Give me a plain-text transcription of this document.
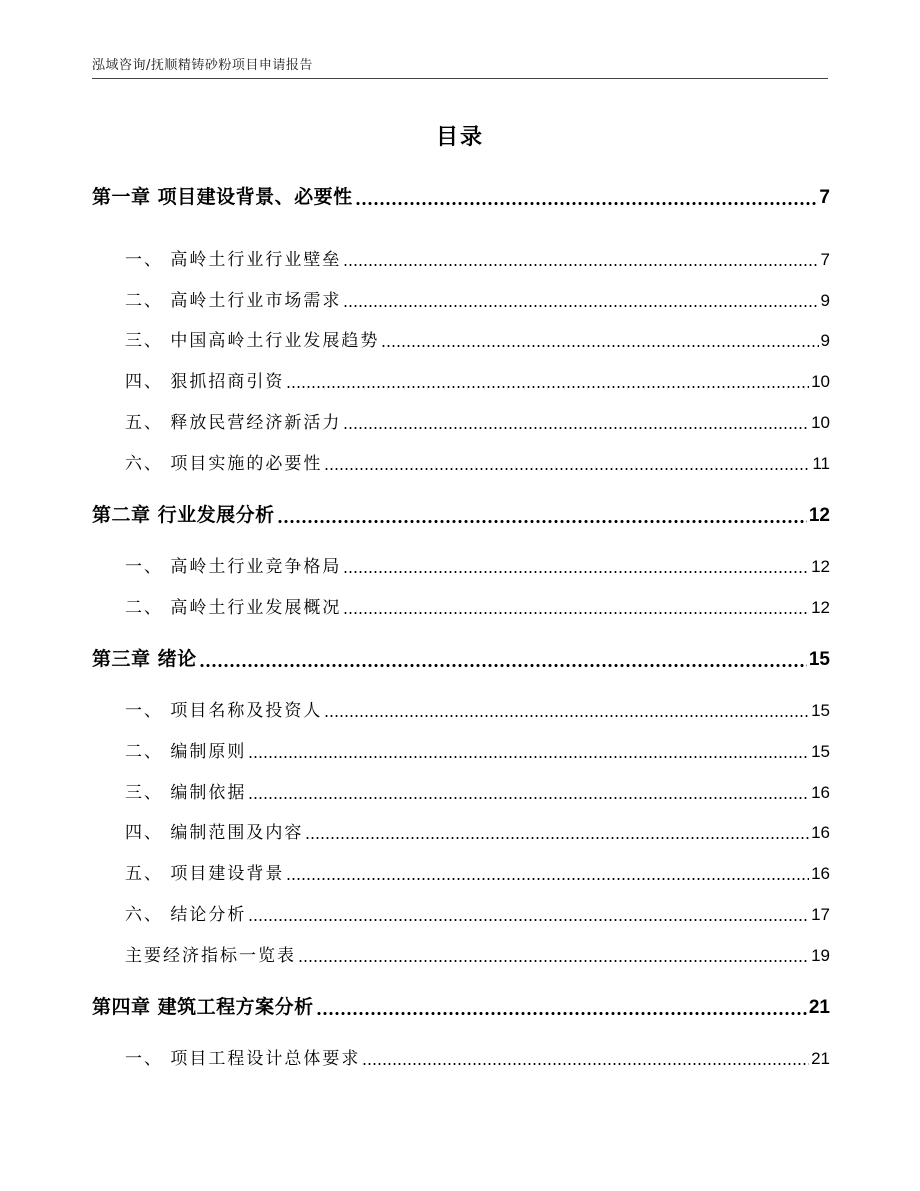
泓域咨询/抚顺精铸砂粉项目申请报告
目录
第一章 项目建设背景、必要性	7
一、 高岭土行业行业壁垒	7
二、 高岭土行业市场需求	9
三、 中国高岭土行业发展趋势	9
四、 狠抓招商引资	10
五、 释放民营经济新活力	10
六、 项目实施的必要性	11
第二章 行业发展分析	12
一、 高岭土行业竞争格局	12
二、 高岭土行业发展概况	12
第三章 绪论	15
一、 项目名称及投资人	15
二、 编制原则	15
三、 编制依据	16
四、 编制范围及内容	16
五、 项目建设背景	16
六、 结论分析	17
主要经济指标一览表	19
第四章 建筑工程方案分析	21
一、 项目工程设计总体要求	21
